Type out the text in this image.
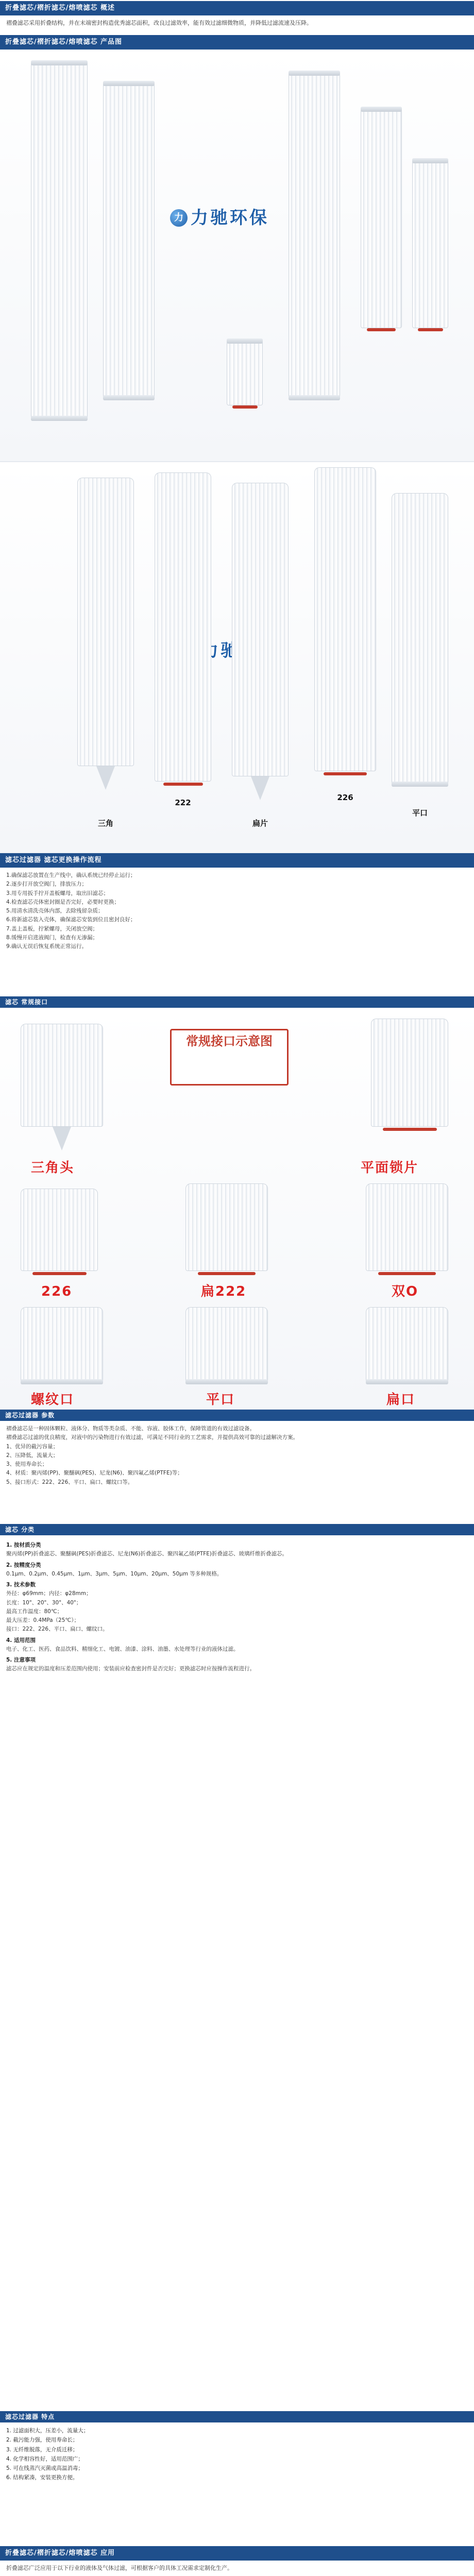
折叠滤芯/褶折滤芯/熔喷滤芯 概述
褶叠滤芯采用折叠结构，并在末端密封构造优秀滤芯面积，改良过滤效率，能有效过滤细微物质，并降低过滤流速及压降。
折叠滤芯/褶折滤芯/熔喷滤芯 产品图
力 力驰环保
三角
222
扁片
226
平口
滤芯过滤器 滤芯更换操作流程

1.确保滤芯放置在生产线中，确认系统已经停止运行；

2.逐步打开放空阀门，排放压力；

3.用专用扳手拧开盖板螺母，取出旧滤芯；

4.检查滤芯壳体密封圈是否完好，必要时更换；

5.用清水清洗壳体内部，去除残留杂质；

6.将新滤芯装入壳体，确保滤芯安装到位且密封良好；

7.盖上盖板，拧紧螺母，关闭放空阀；

8.缓慢开启进液阀门，检查有无渗漏；

9.确认无误后恢复系统正常运行。

滤芯 常规接口
常规接口示意图
三角头	平面锁片
226	扁222	双O
螺纹口	平口	扁口
滤芯过滤器 参数

褶叠滤芯是一种固体颗粒、液体分、物质等类杂质、不能、容液、胶体工作，保障管道的有效过滤设备。

褶叠滤芯过滤的优良精度，对液中的污染物进行有效过滤，可满足不同行业的工艺需求，并提供高效可靠的过滤解决方案。

1、优异的截污容量；

2、压降低，流量大；

3、使用寿命长；

4、材质：聚丙烯(PP)、聚醚砜(PES)、尼龙(N6)、聚四氟乙烯(PTFE)等；

5、接口形式：222、226、平口、扁口、螺纹口等。

滤芯 分类

1. 按材质分类

聚丙烯(PP)折叠滤芯、聚醚砜(PES)折叠滤芯、尼龙(N6)折叠滤芯、聚四氟乙烯(PTFE)折叠滤芯、玻璃纤维折叠滤芯。

2. 按精度分类

0.1μm、0.2μm、0.45μm、1μm、3μm、5μm、10μm、20μm、50μm 等多种规格。

3. 技术参数

外径：φ69mm；内径：φ28mm；

长度：10"、20"、30"、40"；

最高工作温度：80℃；

最大压差：0.4MPa（25℃）；

接口：222、226、平口、扁口、螺纹口。

4. 适用范围

电子、化工、医药、食品饮料、精细化工、电镀、油漆、涂料、油墨、水处理等行业的液体过滤。

5. 注意事项

滤芯应在规定的温度和压差范围内使用；安装前应检查密封件是否完好；更换滤芯时应按操作流程进行。

滤芯过滤器 特点

1. 过滤面积大，压差小，流量大；

2. 截污能力强，使用寿命长；

3. 无纤维脱落，无介质迁移；

4. 化学相容性好，适用范围广；

5. 可在线蒸汽灭菌或高温消毒；

6. 结构紧凑，安装更换方便。

折叠滤芯/褶折滤芯/熔喷滤芯 应用
折叠滤芯广泛应用于以下行业的液体及气体过滤，可根据客户的具体工况需求定制化生产。
